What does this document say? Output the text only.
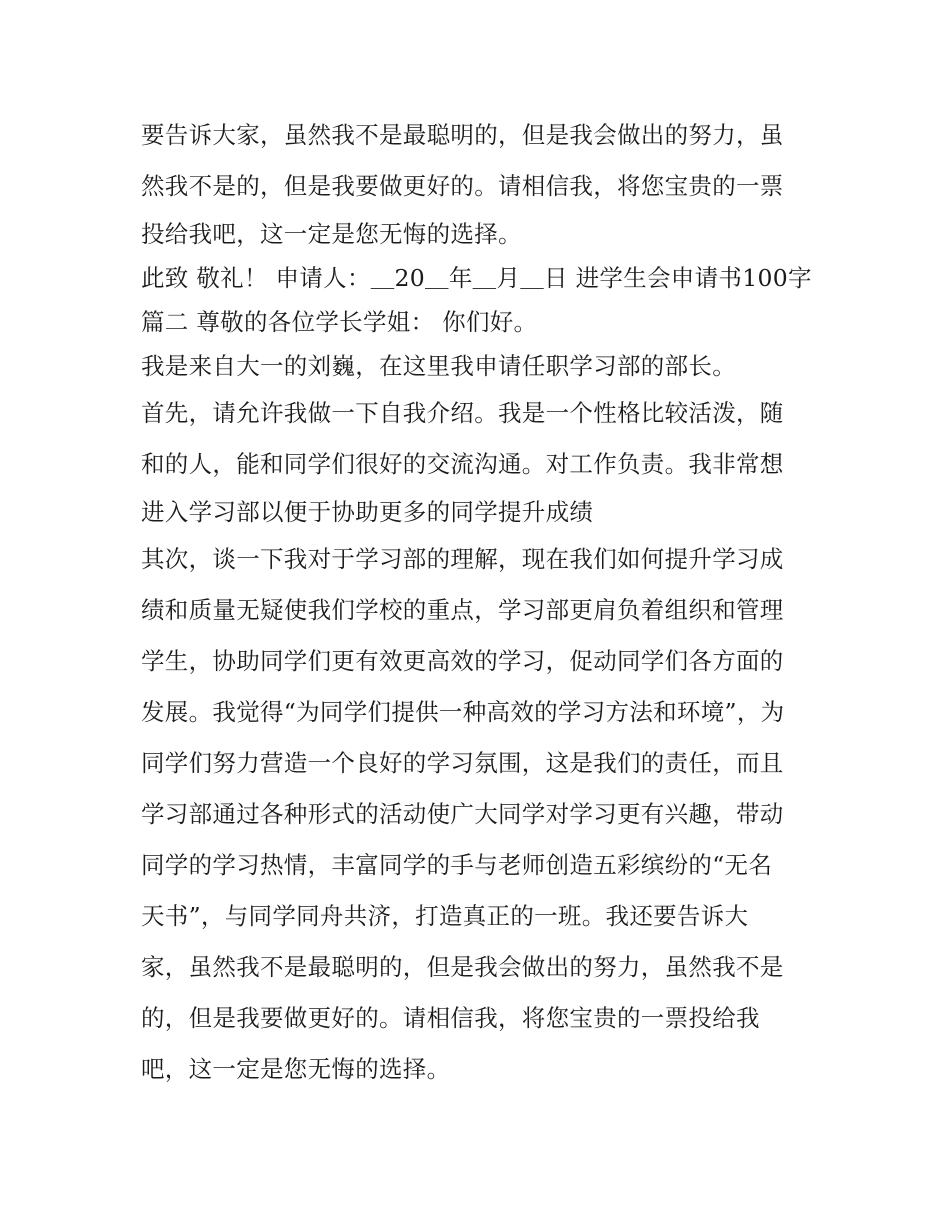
要告诉大家，虽然我不是最聪明的，但是我会做出的努力，虽
然我不是的，但是我要做更好的。请相信我，将您宝贵的一票
投给我吧，这一定是您无悔的选择。
此致 敬礼！ 申请人：＿20＿年＿月＿日 进学生会申请书100字
篇二 尊敬的各位学长学姐： 你们好。
我是来自大一的刘巍，在这里我申请任职学习部的部长。
首先，请允许我做一下自我介绍。我是一个性格比较活泼，随
和的人，能和同学们很好的交流沟通。对工作负责。我非常想
进入学习部以便于协助更多的同学提升成绩
其次，谈一下我对于学习部的理解，现在我们如何提升学习成
绩和质量无疑使我们学校的重点，学习部更肩负着组织和管理
学生，协助同学们更有效更高效的学习，促动同学们各方面的
发展。我觉得“为同学们提供一种高效的学习方法和环境”，为
同学们努力营造一个良好的学习氛围，这是我们的责任，而且
学习部通过各种形式的活动使广大同学对学习更有兴趣，带动
同学的学习热情，丰富同学的手与老师创造五彩缤纷的“无名
天书”，与同学同舟共济，打造真正的一班。我还要告诉大
家，虽然我不是最聪明的，但是我会做出的努力，虽然我不是
的，但是我要做更好的。请相信我，将您宝贵的一票投给我
吧，这一定是您无悔的选择。
